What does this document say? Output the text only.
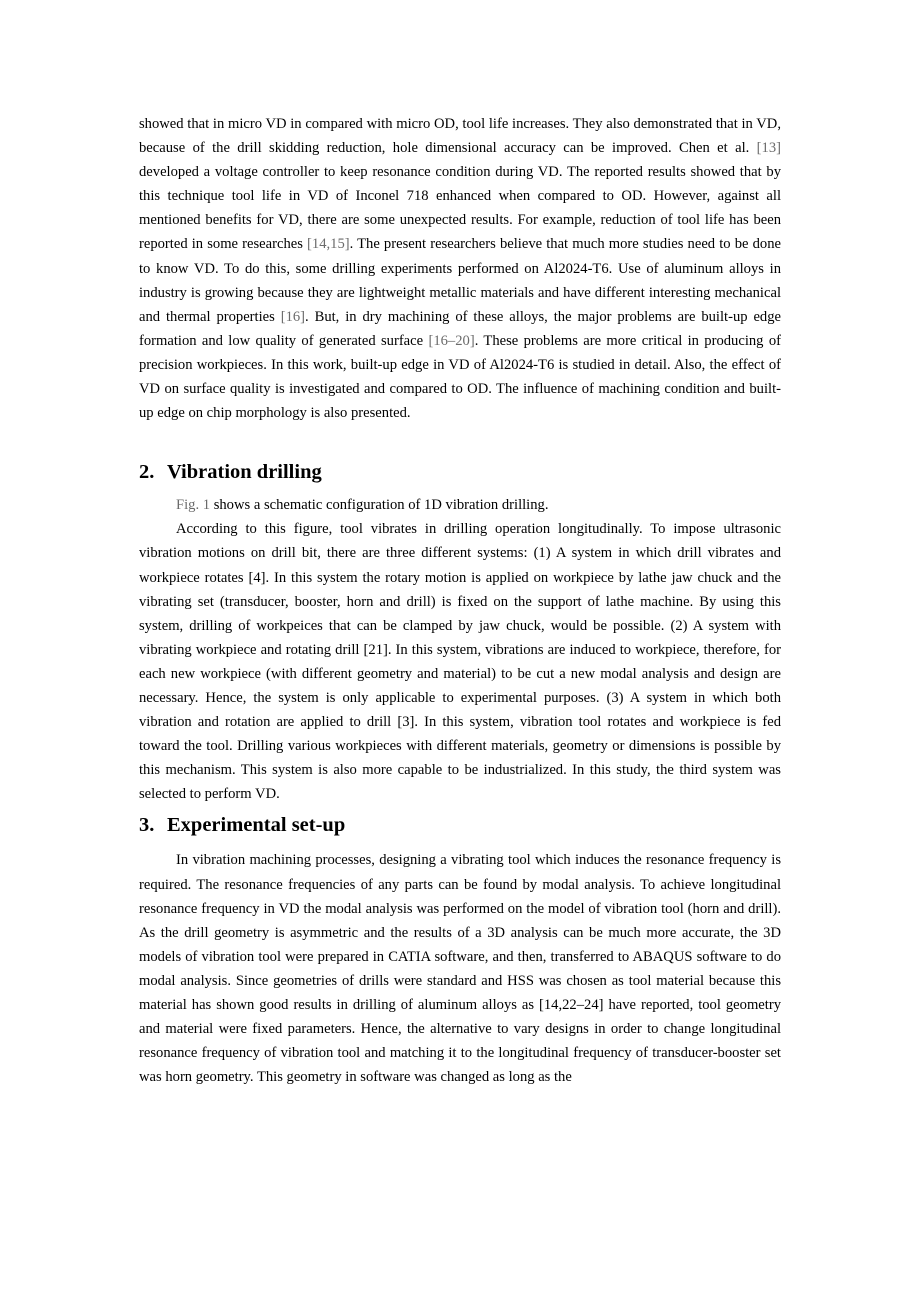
showed that in micro VD in compared with micro OD, tool life increases. They also demonstrated that in VD, because of the drill skidding reduction, hole dimensional accuracy can be improved. Chen et al. [13] developed a voltage controller to keep resonance condition during VD. The reported results showed that by this technique tool life in VD of Inconel 718 enhanced when compared to OD. However, against all mentioned benefits for VD, there are some unexpected results. For example, reduction of tool life has been reported in some researches [14,15]. The present researchers believe that much more studies need to be done to know VD. To do this, some drilling experiments performed on Al2024-T6. Use of aluminum alloys in industry is growing because they are lightweight metallic materials and have different interesting mechanical and thermal properties [16]. But, in dry machining of these alloys, the major problems are built-up edge formation and low quality of generated surface [16–20]. These problems are more critical in producing of precision workpieces. In this work, built-up edge in VD of Al2024-T6 is studied in detail. Also, the effect of VD on surface quality is investigated and compared to OD. The influence of machining condition and built-up edge on chip morphology is also presented.

2. Vibration drilling

Fig. 1 shows a schematic configuration of 1D vibration drilling.

According to this figure, tool vibrates in drilling operation longitudinally. To impose ultrasonic vibration motions on drill bit, there are three different systems: (1) A system in which drill vibrates and workpiece rotates [4]. In this system the rotary motion is applied on workpiece by lathe jaw chuck and the vibrating set (transducer, booster, horn and drill) is fixed on the support of lathe machine. By using this system, drilling of workpeices that can be clamped by jaw chuck, would be possible. (2) A system with vibrating workpiece and rotating drill [21]. In this system, vibrations are induced to workpiece, therefore, for each new workpiece (with different geometry and material) to be cut a new modal analysis and design are necessary. Hence, the system is only applicable to experimental purposes. (3) A system in which both vibration and rotation are applied to drill [3]. In this system, vibration tool rotates and workpiece is fed toward the tool. Drilling various workpieces with different materials, geometry or dimensions is possible by this mechanism. This system is also more capable to be industrialized. In this study, the third system was selected to perform VD.

3. Experimental set-up

In vibration machining processes, designing a vibrating tool which induces the resonance frequency is required. The resonance frequencies of any parts can be found by modal analysis. To achieve longitudinal resonance frequency in VD the modal analysis was performed on the model of vibration tool (horn and drill). As the drill geometry is asymmetric and the results of a 3D analysis can be much more accurate, the 3D models of vibration tool were prepared in CATIA software, and then, transferred to ABAQUS software to do modal analysis. Since geometries of drills were standard and HSS was chosen as tool material because this material has shown good results in drilling of aluminum alloys as [14,22–24] have reported, tool geometry and material were fixed parameters. Hence, the alternative to vary designs in order to change longitudinal resonance frequency of vibration tool and matching it to the longitudinal frequency of transducer-booster set was horn geometry. This geometry in software was changed as long as the
